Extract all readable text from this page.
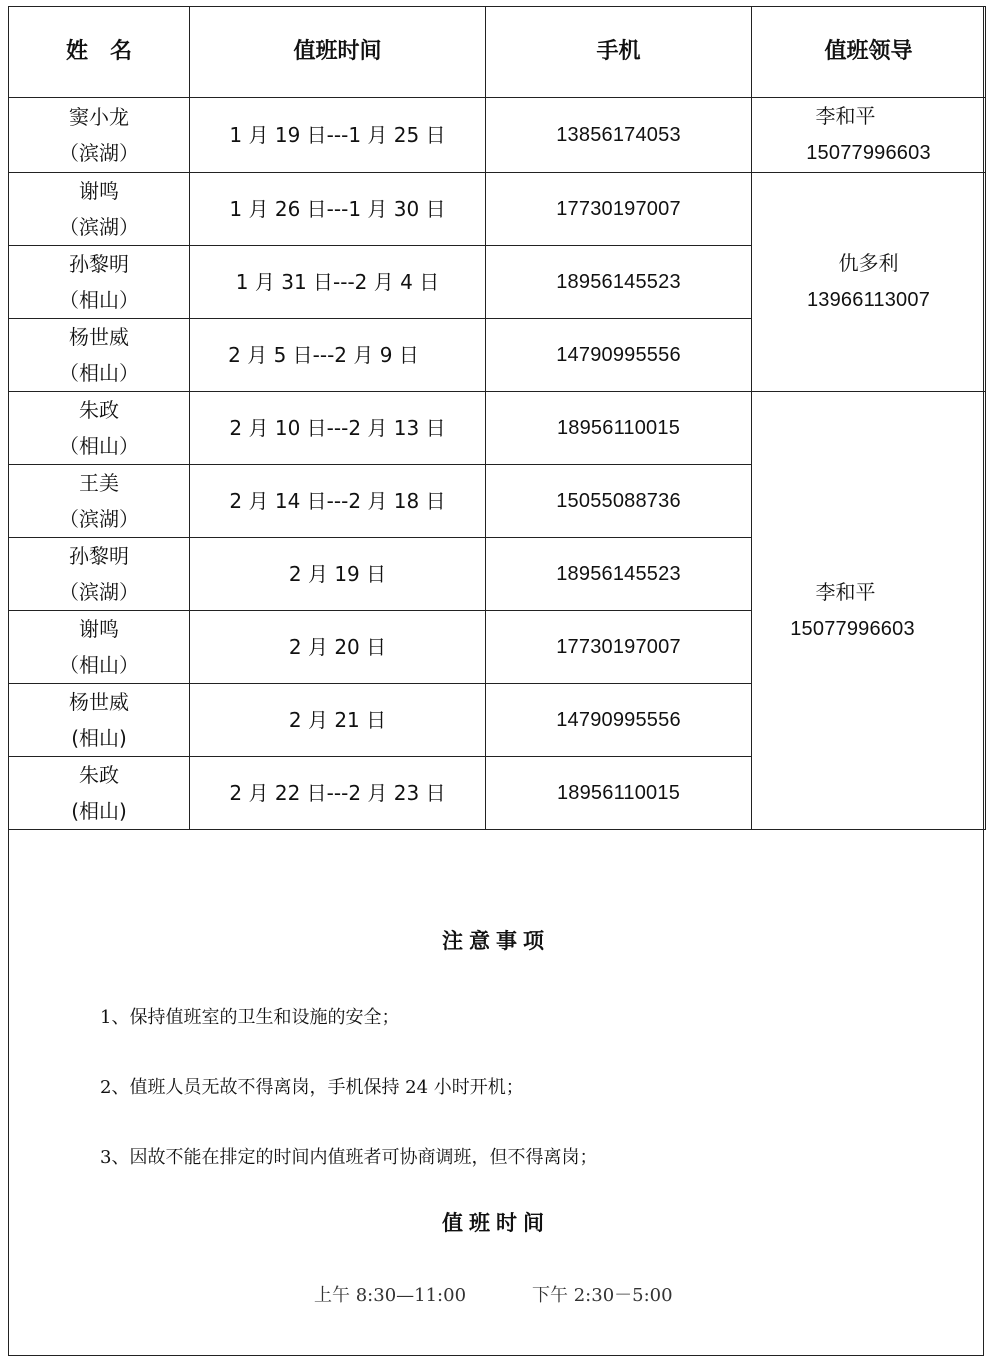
姓　名	值班时间	手机	值班领导

窦小龙
（滨湖）	1 月 19 日---1 月 25 日	13856174053	李和平
15077996603

谢鸣
（滨湖）	1 月 26 日---1 月 30 日	17730197007	仇多利
13966113007

孙黎明
（相山）	1 月 31 日---2 月 4 日	18956145523	

杨世威
（相山）	2 月 5 日---2 月 9 日	14790995556	

朱政
（相山）	2 月 10 日---2 月 13 日	18956110015	李和平
15077996603

王美
（滨湖）	2 月 14 日---2 月 18 日	15055088736	

孙黎明
（滨湖）	2 月 19 日	18956145523	

谢鸣
（相山）	2 月 20 日	17730197007	

杨世威
(相山)	2 月 21 日	14790995556	

朱政
(相山)	2 月 22 日---2 月 23 日	18956110015	
注意事项
1、保持值班室的卫生和设施的安全；
2、值班人员无故不得离岗，手机保持 24 小时开机；
3、因故不能在排定的时间内值班者可协商调班，但不得离岗；
值班时间
上午 8:30—11:00	下午 2:30－5:00
